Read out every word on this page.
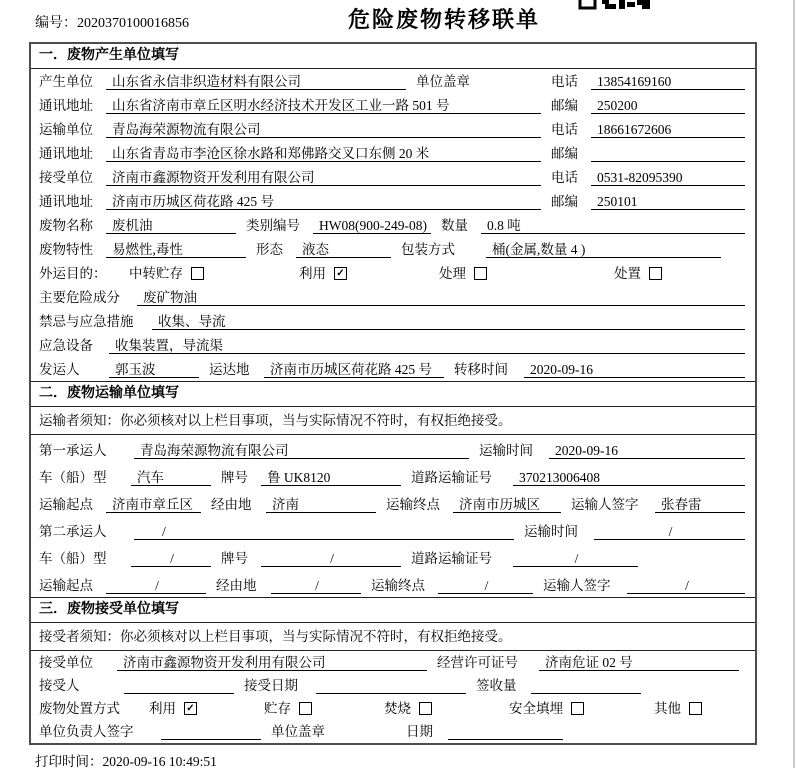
编号：2020370100016856	危险废物转移联单
一．废物产生单位填写
产生单位	山东省永信非织造材料有限公司	单位盖章	电话	13854169160
通讯地址	山东省济南市章丘区明水经济技术开发区工业一路 501 号	邮编	250200
运输单位	青岛海荣源物流有限公司	电话	18661672606
通讯地址	山东省青岛市李沧区徐水路和郑佛路交叉口东侧 20 米	邮编
接受单位	济南市鑫源物资开发利用有限公司	电话	0531-82095390
通讯地址	济南市历城区荷花路 425 号	邮编	250101
废物名称	废机油	类别编号	HW08(900-249-08) 数量	0.8 吨
废物特性	易燃性,毒性	形态	液态	包装方式	桶(金属,数量 4 )
外运目的：	中转贮存	利用 ✓	处理	处置
主要危险成分	废矿物油
禁忌与应急措施	收集、导流
应急设备	收集装置，导流渠
发运人	郭玉波	运达地	济南市历城区荷花路 425 号	转移时间	2020-09-16
二．废物运输单位填写
运输者须知：你必须核对以上栏目事项，当与实际情况不符时，有权拒绝接受。
第一承运人	青岛海荣源物流有限公司	运输时间	2020-09-16
车（船）型	汽车	牌号	鲁 UK8120	道路运输证号	370213006408
运输起点	济南市章丘区	经由地	济南	运输终点	济南市历城区	运输人签字	张春雷
第二承运人	/	运输时间	/
车（船）型	/	牌号	/	道路运输证号	/
运输起点	/	经由地	/	运输终点	/	运输人签字	/
三．废物接受单位填写
接受者须知：你必须核对以上栏目事项，当与实际情况不符时，有权拒绝接受。
接受单位	济南市鑫源物资开发利用有限公司	经营许可证号	济南危证 02 号
接受人	接受日期	签收量
废物处置方式	利用 ✓	贮存	焚烧	安全填埋	其他
单位负责人签字	单位盖章	日期
打印时间：2020-09-16 10:49:51
